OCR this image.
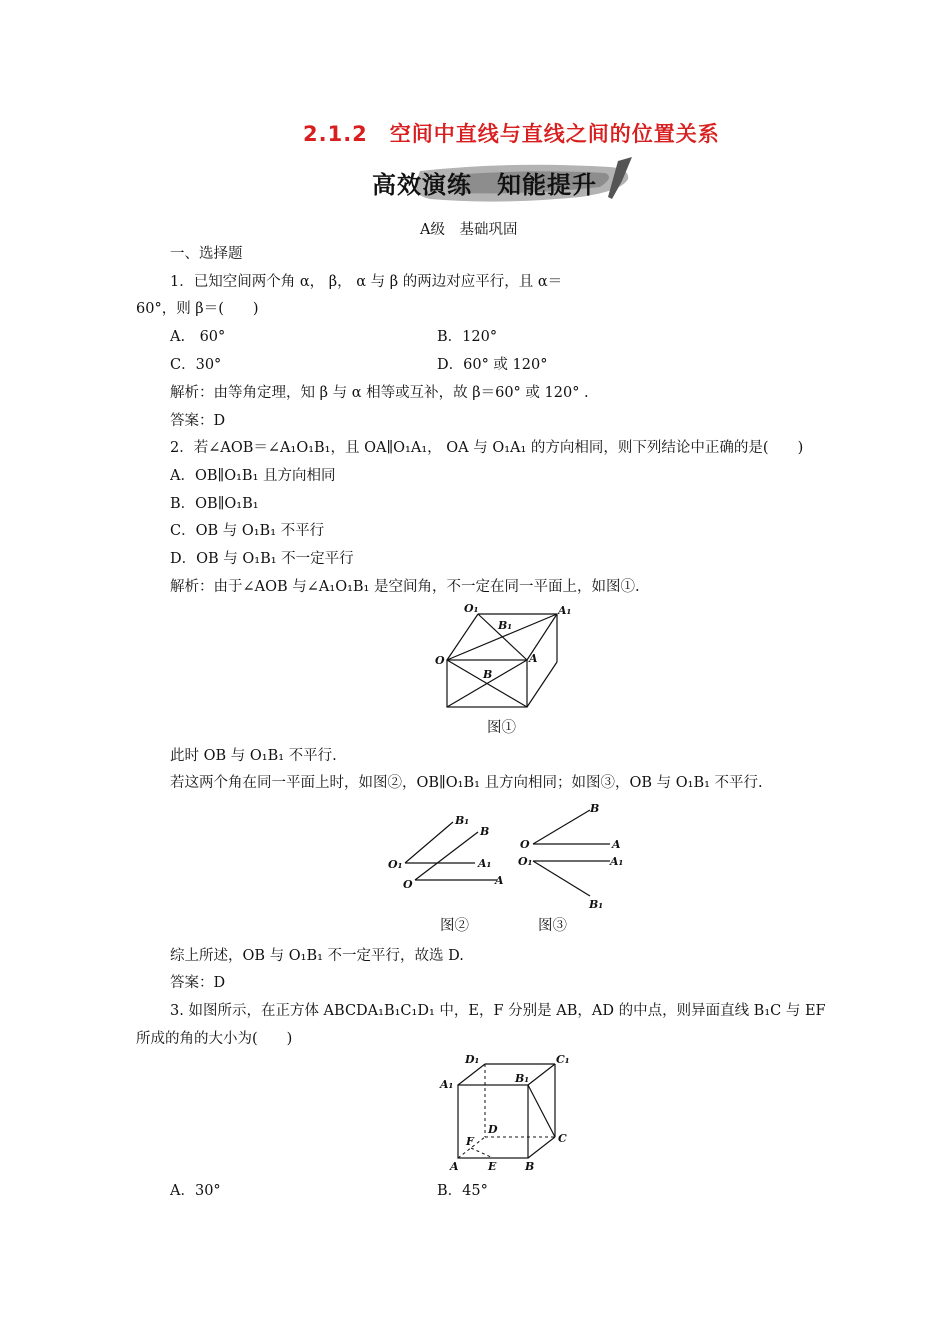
2.1.2　空间中直线与直线之间的位置关系
高效演练　知能提升
A级　基础巩固
一、选择题
1．已知空间两个角 α， β， α 与 β 的两边对应平行，且 α＝
60°，则 β＝(　　)
A.　60°	B．120°
C．30°	D．60° 或 120°
解析：由等角定理，知 β 与 α 相等或互补，故 β＝60° 或 120° .
答案：D
2．若∠AOB＝∠A₁O₁B₁，且 OA∥O₁A₁， OA 与 O₁A₁ 的方向相同，则下列结论中正确的是(　　)
A．OB∥O₁B₁ 且方向相同
B．OB∥O₁B₁
C．OB 与 O₁B₁ 不平行
D．OB 与 O₁B₁ 不一定平行
解析：由于∠AOB 与∠A₁O₁B₁ 是空间角，不一定在同一平面上，如图①.
O₁
B₁
A₁
O	A
B
图①
此时 OB 与 O₁B₁ 不平行.
若这两个角在同一平面上时，如图②，OB∥O₁B₁ 且方向相同；如图③，OB 与 O₁B₁ 不平行.
B₁
B
O₁	A₁
O	A
B
O	A
O₁	A₁
B₁
图②	图③
综上所述，OB 与 O₁B₁ 不一定平行，故选 D.
答案：D
3. 如图所示，在正方体 ABCDA₁B₁C₁D₁ 中，E，F 分别是 AB，AD 的中点，则异面直线 B₁C 与 EF
所成的角的大小为(　　)
D₁	C₁
A₁	B₁
D
F	C
A	E	B
A．30°	B．45°
